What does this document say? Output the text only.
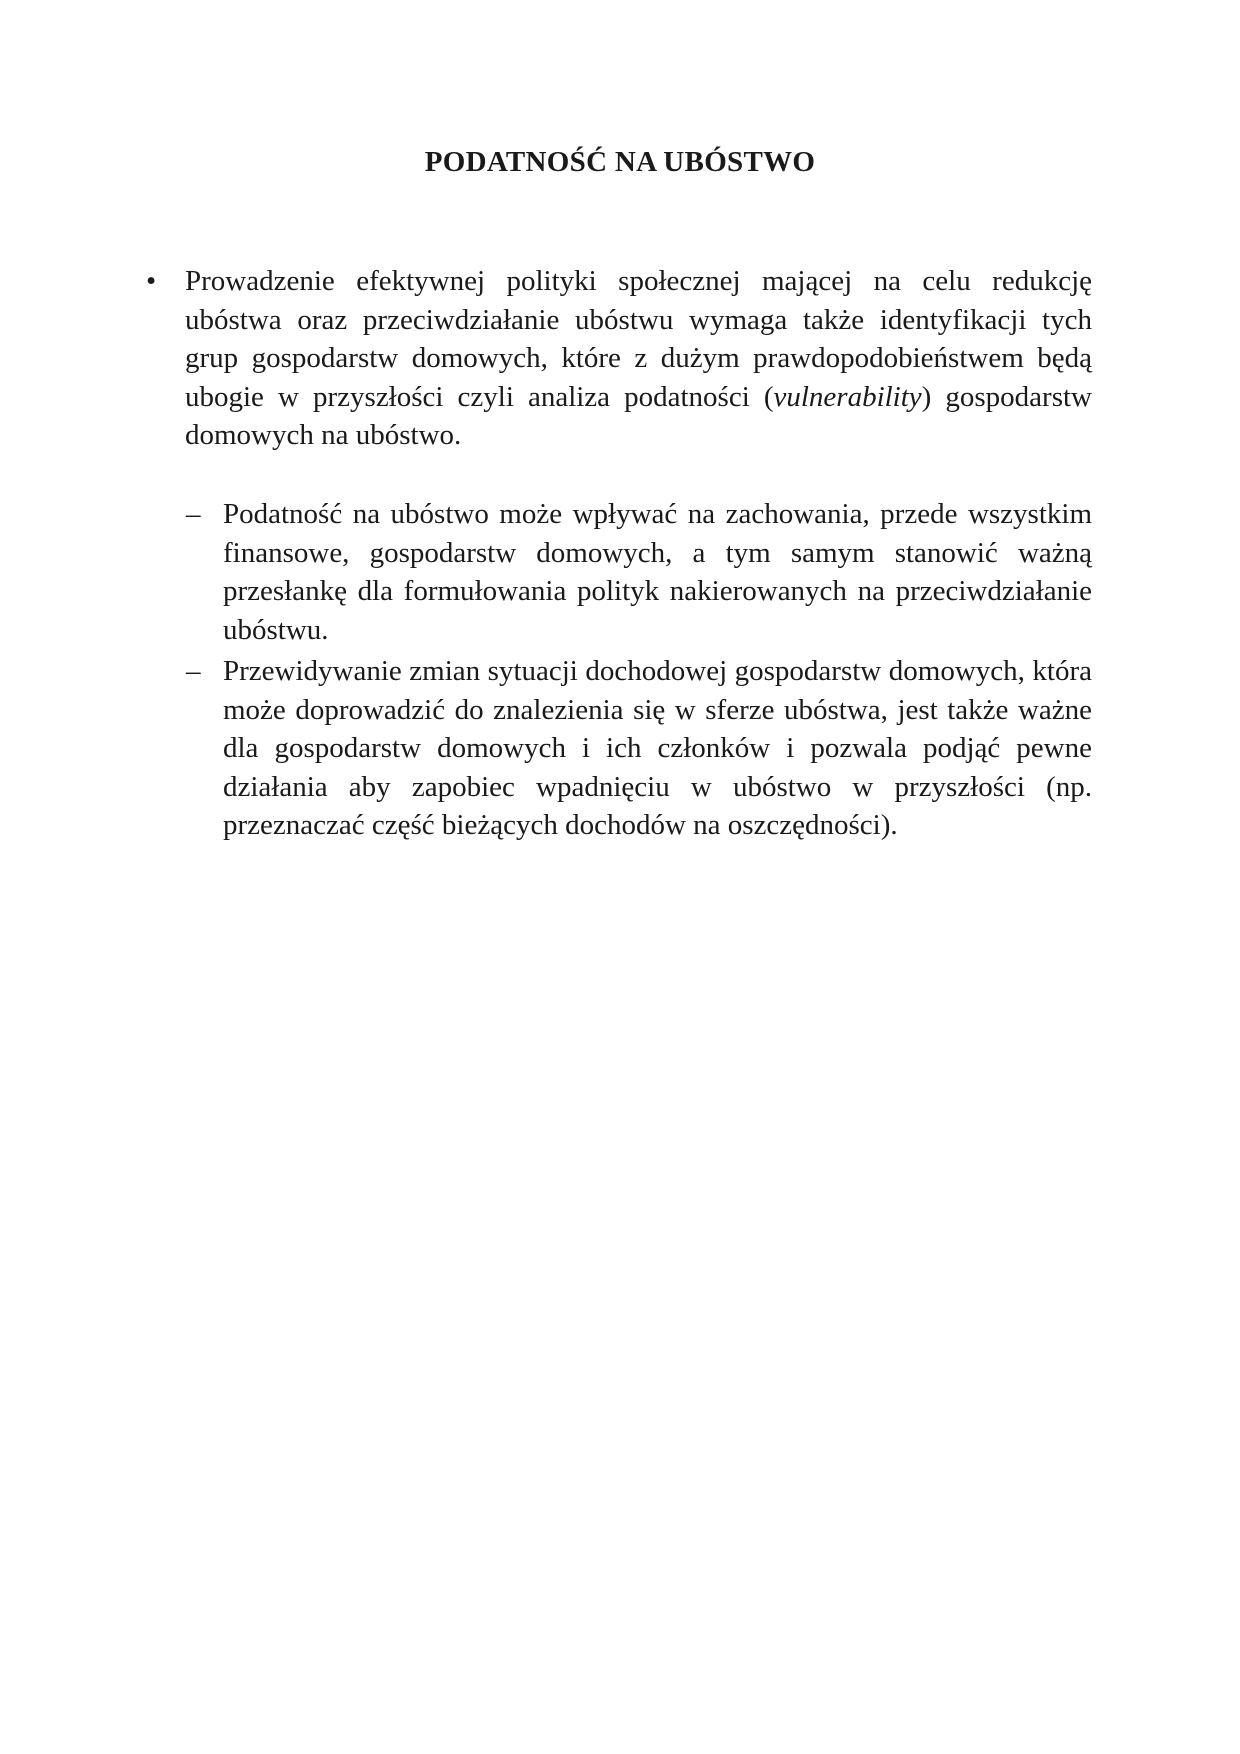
PODATNOŚĆ NA UBÓSTWO
• Prowadzenie efektywnej polityki społecznej mającej na celu redukcję ubóstwa oraz przeciwdziałanie ubóstwu wymaga także identyfikacji tych grup gospodarstw domowych, które z dużym prawdopodobieństwem będą ubogie w przyszłości czyli analiza podatności (vulnerability) gospodarstw domowych na ubóstwo.
– Podatność na ubóstwo może wpływać na zachowania, przede wszystkim finansowe, gospodarstw domowych, a tym samym stanowić ważną przesłankę dla formułowania polityk nakierowanych na przeciwdziałanie ubóstwu.
– Przewidywanie zmian sytuacji dochodowej gospodarstw domowych, która może doprowadzić do znalezienia się w sferze ubóstwa, jest także ważne dla gospodarstw domowych i ich członków i pozwala podjąć pewne działania aby zapobiec wpadnięciu w ubóstwo w przyszłości (np. przeznaczać część bieżących dochodów na oszczędności).
